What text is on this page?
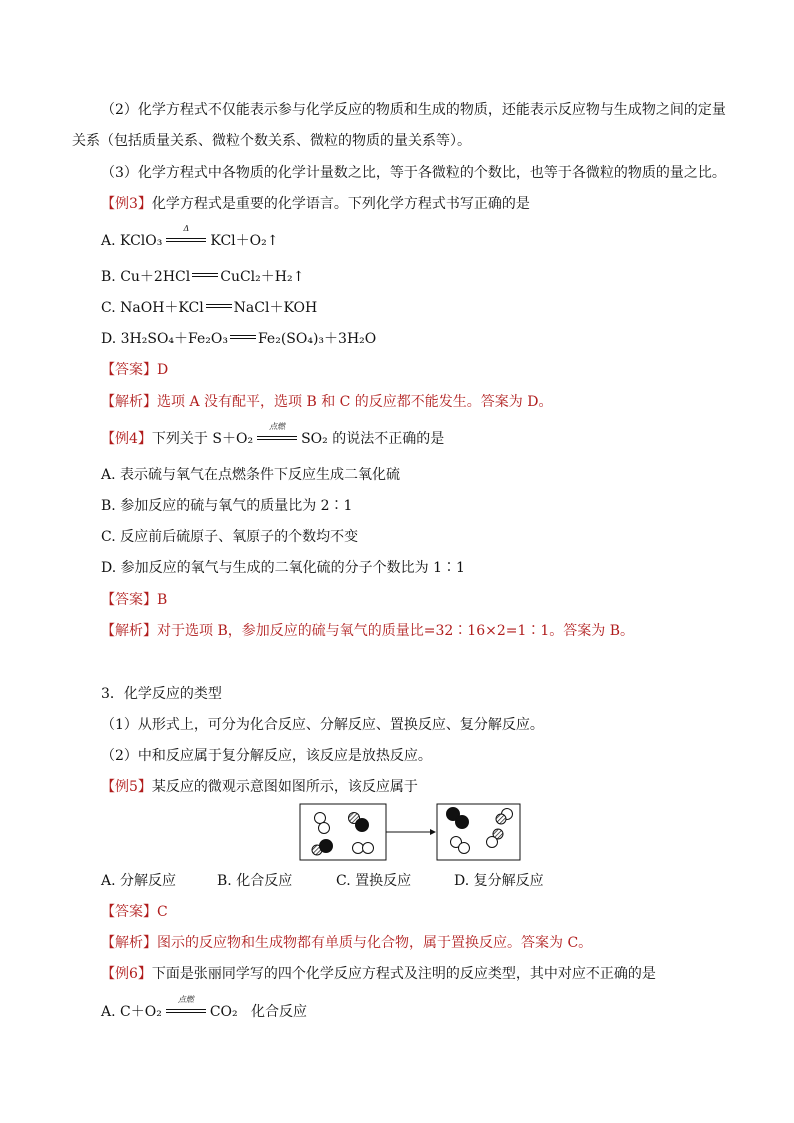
（2）化学方程式不仅能表示参与化学反应的物质和生成的物质，还能表示反应物与生成物之间的定量
关系（包括质量关系、微粒个数关系、微粒的物质的量关系等）。
（3）化学方程式中各物质的化学计量数之比，等于各微粒的个数比，也等于各微粒的物质的量之比。
【例3】化学方程式是重要的化学语言。下列化学方程式书写正确的是
A. KClO₃
Δ
KCl＋O₂↑
B. Cu＋2HCl CuCl₂＋H₂↑
C. NaOH＋KCl NaCl＋KOH
D. 3H₂SO₄＋Fe₂O₃ Fe₂(SO₄)₃＋3H₂O
【答案】D
【解析】选项 A 没有配平，选项 B 和 C 的反应都不能发生。答案为 D。
【例4】下列关于 S＋O₂
点燃
SO₂ 的说法不正确的是
A. 表示硫与氧气在点燃条件下反应生成二氧化硫
B. 参加反应的硫与氧气的质量比为 2∶1
C. 反应前后硫原子、氧原子的个数均不变
D. 参加反应的氧气与生成的二氧化硫的分子个数比为 1∶1
【答案】B
【解析】对于选项 B，参加反应的硫与氧气的质量比=32∶16×2=1∶1。答案为 B。
3．化学反应的类型
（1）从形式上，可分为化合反应、分解反应、置换反应、复分解反应。
（2）中和反应属于复分解反应，该反应是放热反应。
【例5】某反应的微观示意图如图所示，该反应属于
A. 分解反应	B. 化合反应	C. 置换反应	D. 复分解反应
【答案】C
【解析】图示的反应物和生成物都有单质与化合物，属于置换反应。答案为 C。
【例6】下面是张丽同学写的四个化学反应方程式及注明的反应类型，其中对应不正确的是
A. C＋O₂
点燃
CO₂ 化合反应
